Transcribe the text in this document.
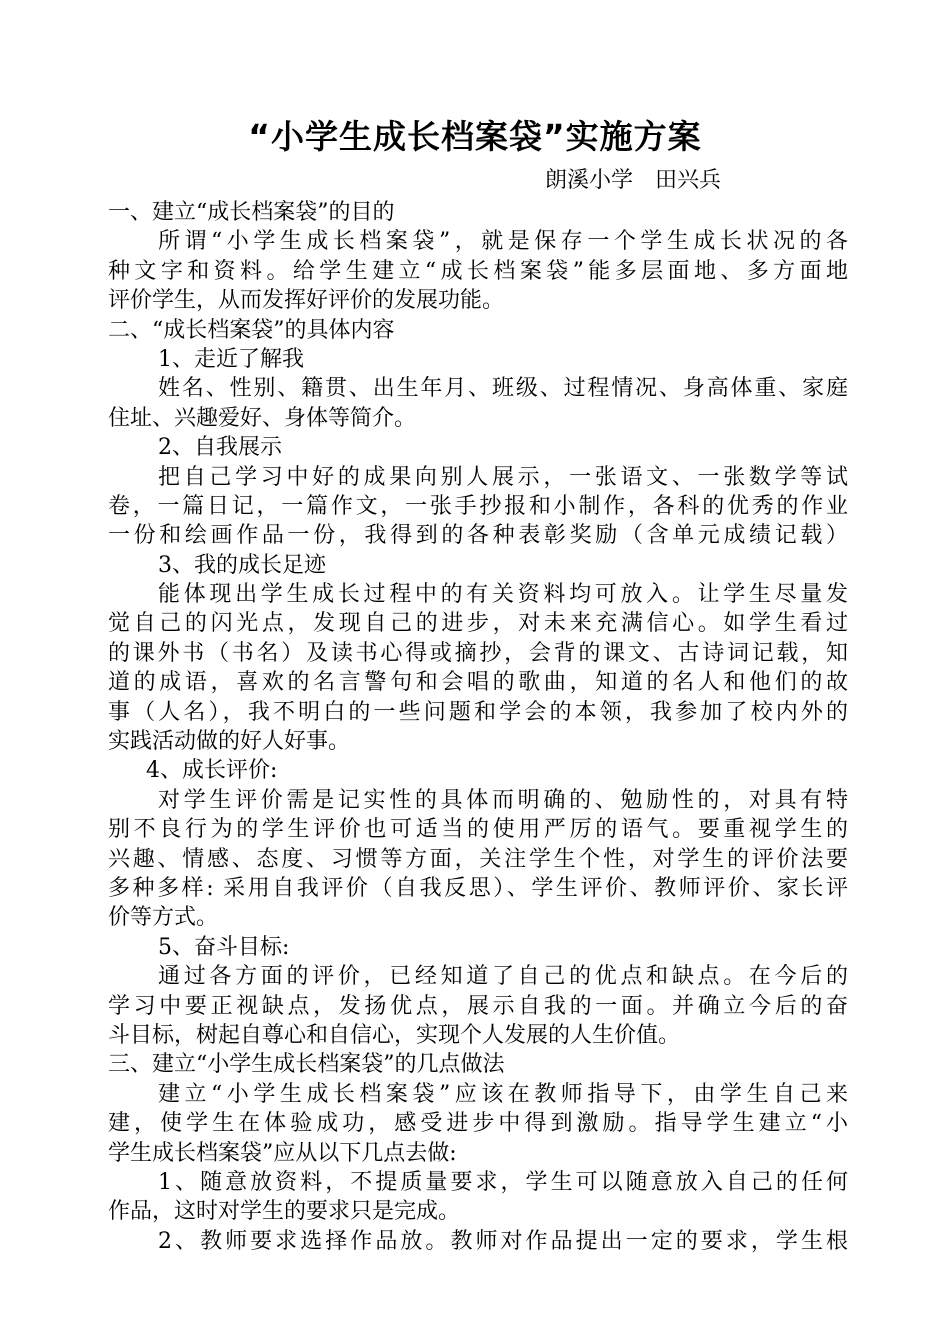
“小学生成长档案袋”实施方案
朗溪小学　田兴兵
一、建立“成长档案袋”的目的
所谓“小学生成长档案袋”，就是保存一个学生成长状况的各
种文字和资料。给学生建立“成长档案袋”能多层面地、多方面地
评价学生，从而发挥好评价的发展功能。
二、“成长档案袋”的具体内容
1、走近了解我
姓名、性别、籍贯、出生年月、班级、过程情况、身高体重、家庭
住址、兴趣爱好、身体等简介。
2、自我展示
把自己学习中好的成果向别人展示，一张语文、一张数学等试
卷，一篇日记，一篇作文，一张手抄报和小制作，各科的优秀的作业
一份和绘画作品一份，我得到的各种表彰奖励（含单元成绩记载）
3、我的成长足迹
能体现出学生成长过程中的有关资料均可放入。让学生尽量发
觉自己的闪光点，发现自己的进步，对未来充满信心。如学生看过
的课外书（书名）及读书心得或摘抄，会背的课文、古诗词记载，知
道的成语，喜欢的名言警句和会唱的歌曲，知道的名人和他们的故
事（人名），我不明白的一些问题和学会的本领，我参加了校内外的
实践活动做的好人好事。
4、成长评价:
对学生评价需是记实性的具体而明确的、勉励性的，对具有特
别不良行为的学生评价也可适当的使用严厉的语气。要重视学生的
兴趣、情感、态度、习惯等方面，关注学生个性，对学生的评价法要
多种多样: 采用自我评价（自我反思）、学生评价、教师评价、家长评
价等方式。
5、奋斗目标:
通过各方面的评价，已经知道了自己的优点和缺点。在今后的
学习中要正视缺点，发扬优点，展示自我的一面。并确立今后的奋
斗目标，树起自尊心和自信心，实现个人发展的人生价值。
三、建立“小学生成长档案袋”的几点做法
建立“小学生成长档案袋”应该在教师指导下，由学生自己来
建，使学生在体验成功，感受进步中得到激励。指导学生建立“小
学生成长档案袋”应从以下几点去做:
1、随意放资料，不提质量要求，学生可以随意放入自己的任何
作品，这时对学生的要求只是完成。
2、教师要求选择作品放。教师对作品提出一定的要求，学生根
